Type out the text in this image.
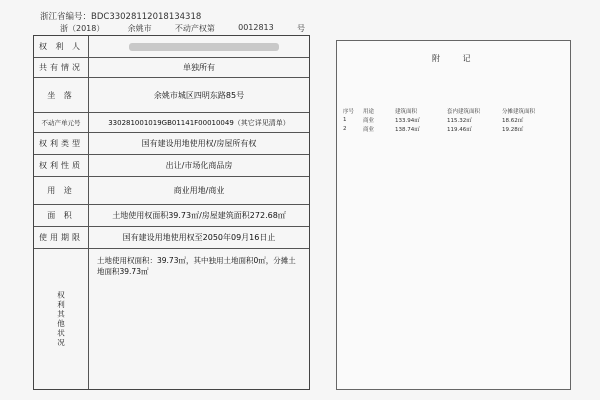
浙江省编号：BDC33028112018134318
浙（2018）	余姚市	不动产权第	0012813	号
权 利 人
共有情况	单独所有
坐 落	余姚市城区四明东路85号
不动产单元号	330281001019GB01141F00010049（其它详见清单）
权利类型	国有建设用地使用权/房屋所有权
权利性质	出让/市场化商品房
用 途	商业用地/商业
面 积	土地使用权面积39.73㎡/房屋建筑面积272.68㎡
使用期限	国有建设用地使用权至2050年09月16日止
权利其他状况
土地使用权面积：39.73㎡，其中独用土地面积0㎡，分摊土地面积39.73㎡
附 记
序号	用途	建筑面积	套内建筑面积	分摊建筑面积
1	商业	133.94㎡	115.32㎡	18.62㎡
2	商业	138.74㎡	119.46㎡	19.28㎡
